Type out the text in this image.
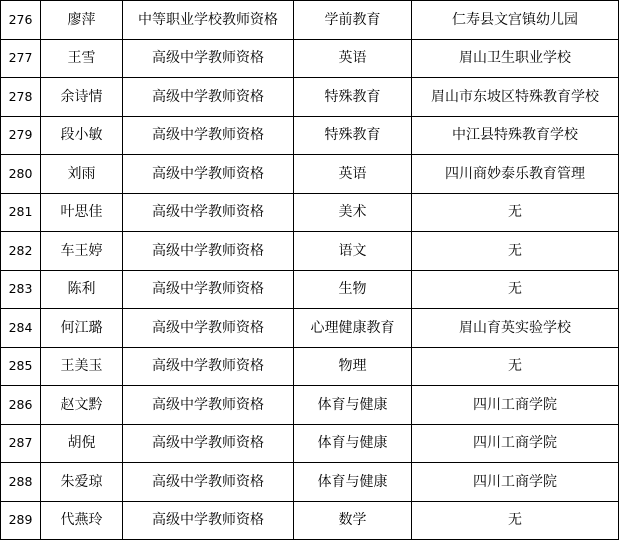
276	廖萍	中等职业学校教师资格	学前教育	仁寿县文宫镇幼儿园
277	王雪	高级中学教师资格	英语	眉山卫生职业学校
278	余诗情	高级中学教师资格	特殊教育	眉山市东坡区特殊教育学校
279	段小敏	高级中学教师资格	特殊教育	中江县特殊教育学校
280	刘雨	高级中学教师资格	英语	四川商妙泰乐教育管理
281	叶思佳	高级中学教师资格	美术	无
282	车王婷	高级中学教师资格	语文	无
283	陈利	高级中学教师资格	生物	无
284	何江璐	高级中学教师资格	心理健康教育	眉山育英实验学校
285	王美玉	高级中学教师资格	物理	无
286	赵文黔	高级中学教师资格	体育与健康	四川工商学院
287	胡倪	高级中学教师资格	体育与健康	四川工商学院
288	朱爱琼	高级中学教师资格	体育与健康	四川工商学院
289	代燕玲	高级中学教师资格	数学	无
